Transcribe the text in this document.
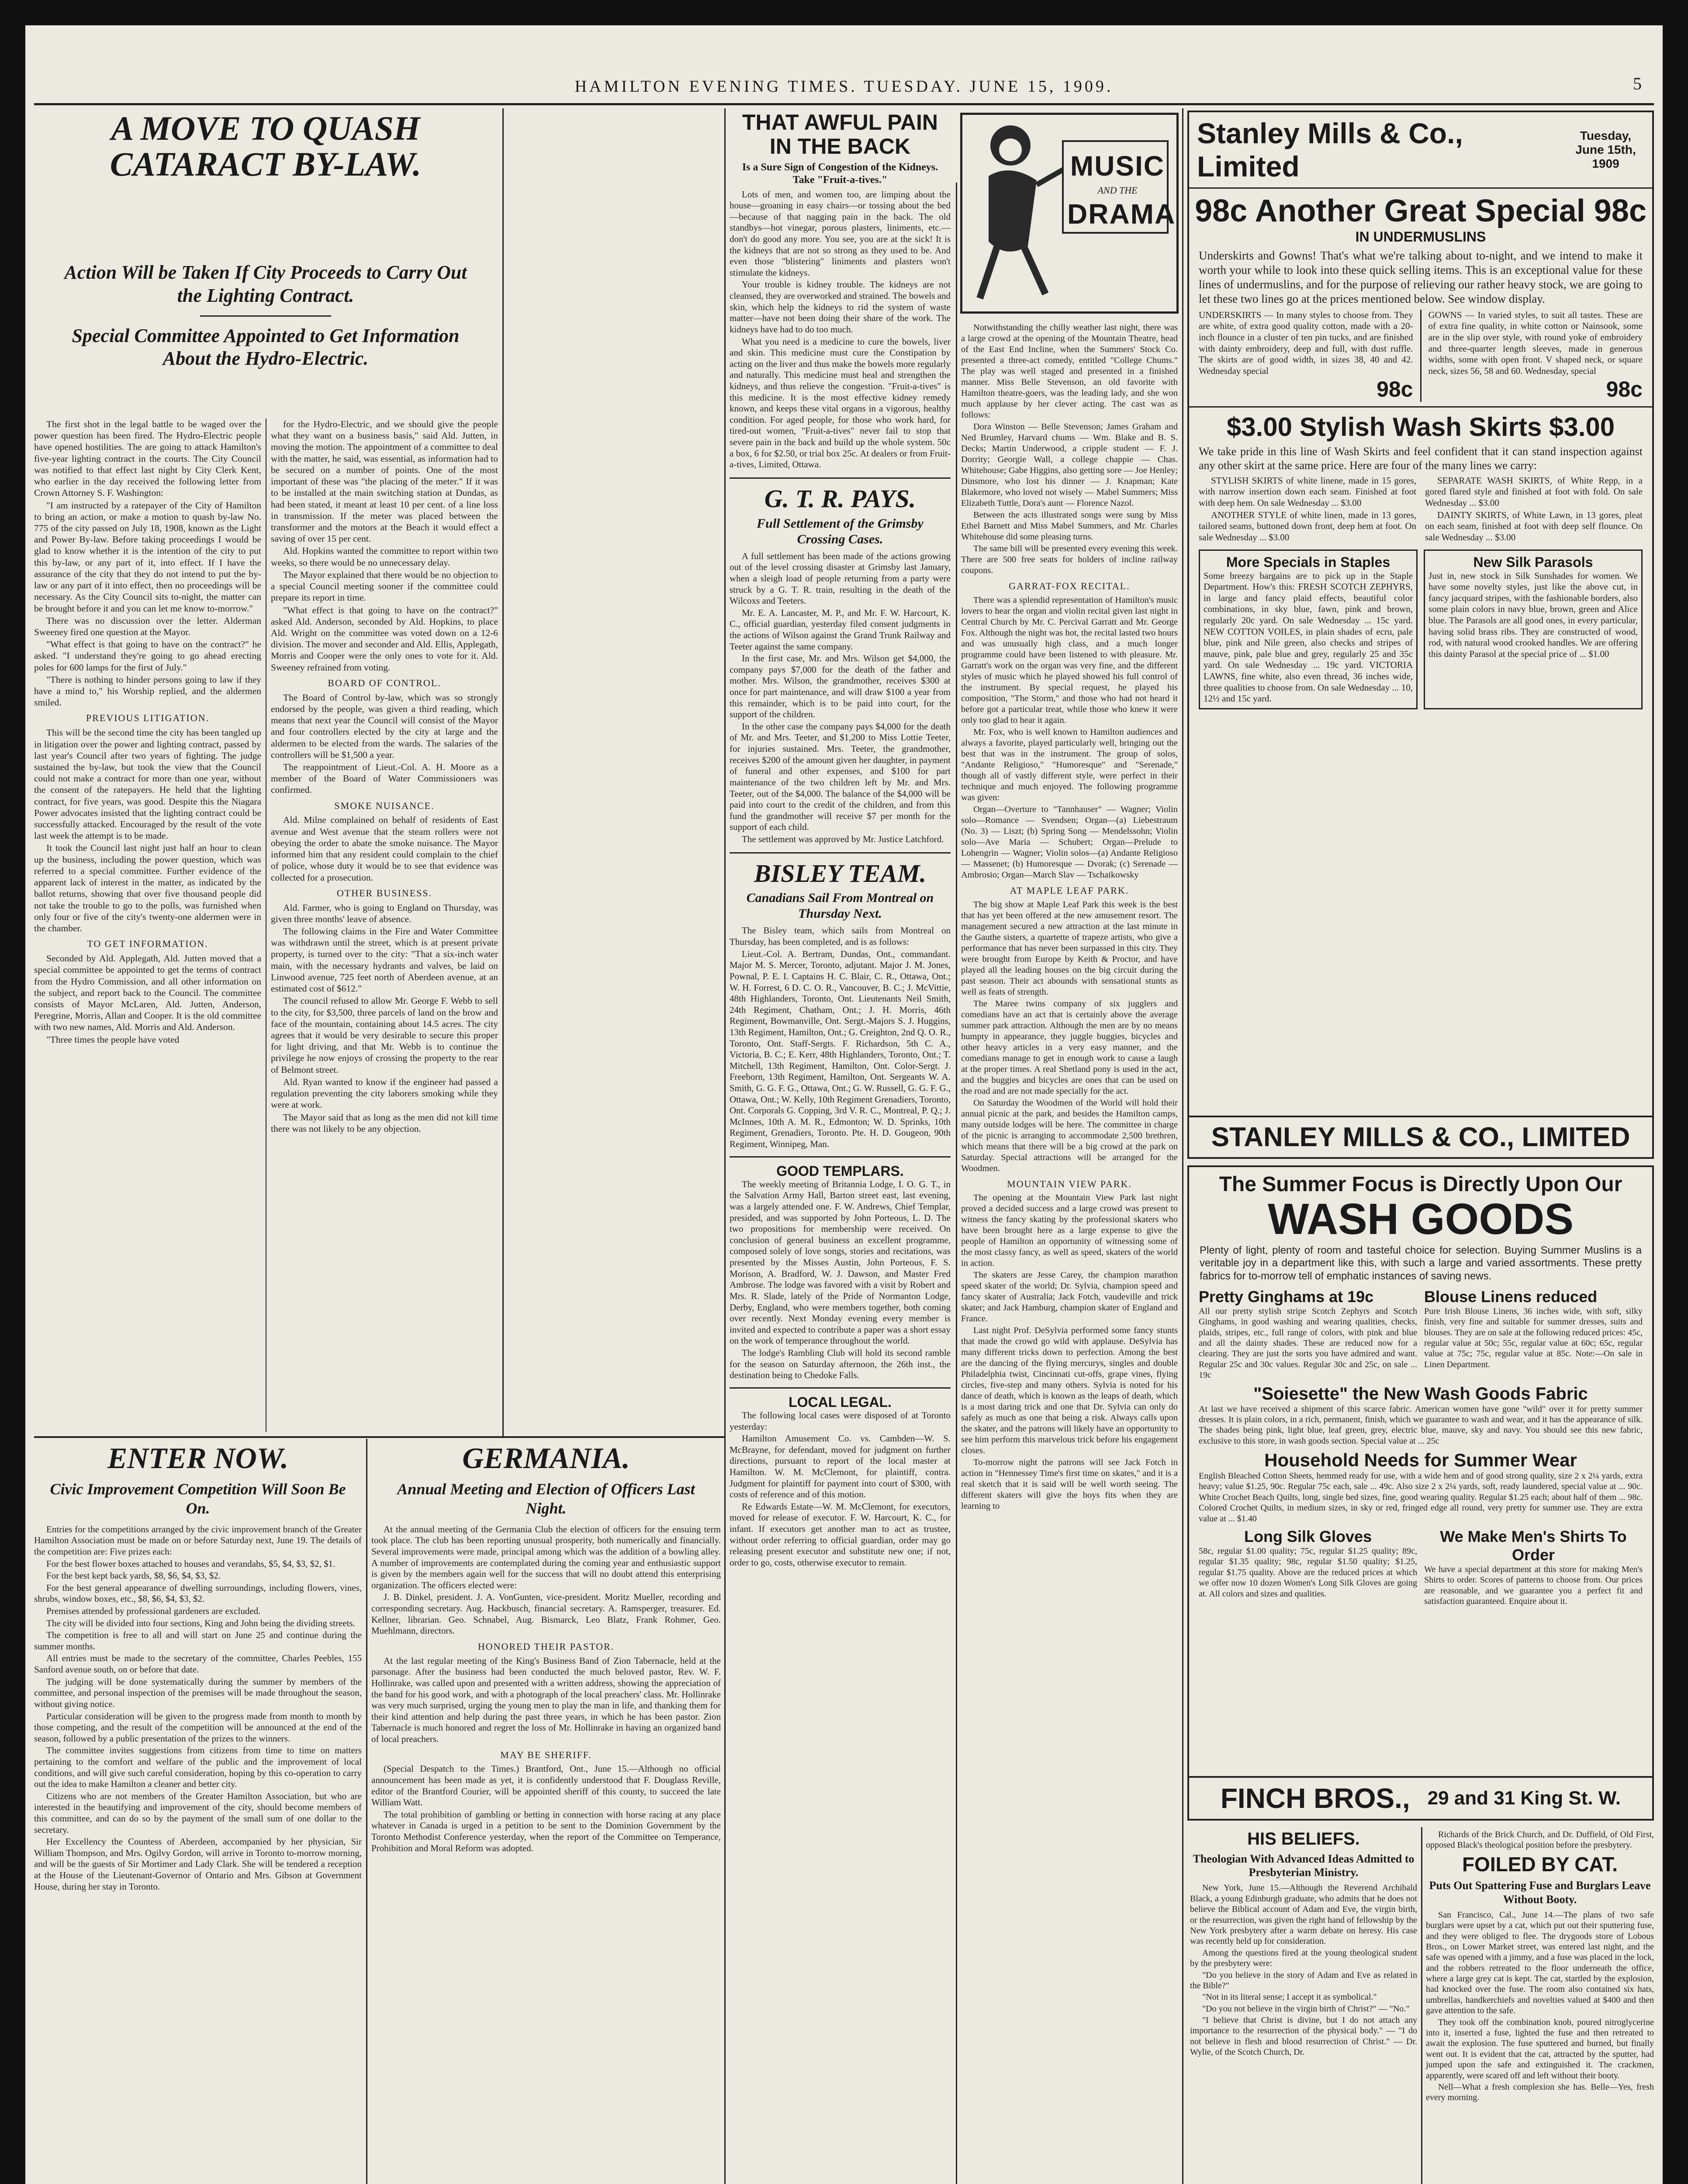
HAMILTON EVENING TIMES. TUESDAY. JUNE 15, 1909.	5
A MOVE TO QUASH CATARACT BY-LAW.
Action Will be Taken If City Proceeds to Carry Out the Lighting Contract.
Special Committee Appointed to Get Information About the Hydro-Electric.

The first shot in the legal battle to be waged over the power question has been fired. The Hydro-Electric people have opened hostilities. The are going to attack Hamilton's five-year lighting contract in the courts. The City Council was notified to that effect last night by City Clerk Kent, who earlier in the day received the following letter from Crown Attorney S. F. Washington:

"I am instructed by a ratepayer of the City of Hamilton to bring an action, or make a motion to quash by-law No. 775 of the city passed on July 18, 1908, known as the Light and Power By-law. Before taking proceedings I would be glad to know whether it is the intention of the city to put this by-law, or any part of it, into effect. If I have the assurance of the city that they do not intend to put the by-law or any part of it into effect, then no proceedings will be necessary. As the City Council sits to-night, the matter can be brought before it and you can let me know to-morrow."

There was no discussion over the letter. Alderman Sweeney fired one question at the Mayor.

"What effect is that going to have on the contract?" he asked. "I understand they're going to go ahead erecting poles for 600 lamps for the first of July."

"There is nothing to hinder persons going to law if they have a mind to," his Worship replied, and the aldermen smiled.

PREVIOUS LITIGATION.

This will be the second time the city has been tangled up in litigation over the power and lighting contract, passed by last year's Council after two years of fighting. The judge sustained the by-law, but took the view that the Council could not make a contract for more than one year, without the consent of the ratepayers. He held that the lighting contract, for five years, was good. Despite this the Niagara Power advocates insisted that the lighting contract could be successfully attacked. Encouraged by the result of the vote last week the attempt is to be made.

It took the Council last night just half an hour to clean up the business, including the power question, which was referred to a special committee. Further evidence of the apparent lack of interest in the matter, as indicated by the ballot returns, showing that over five thousand people did not take the trouble to go to the polls, was furnished when only four or five of the city's twenty-one aldermen were in the chamber.

TO GET INFORMATION.

Seconded by Ald. Applegath, Ald. Jutten moved that a special committee be appointed to get the terms of contract from the Hydro Commission, and all other information on the subject, and report back to the Council. The committee consists of Mayor McLaren, Ald. Jutten, Anderson, Peregrine, Morris, Allan and Cooper. It is the old committee with two new names, Ald. Morris and Ald. Anderson.

"Three times the people have voted

for the Hydro-Electric, and we should give the people what they want on a business basis," said Ald. Jutten, in moving the motion. The appointment of a committee to deal with the matter, he said, was essential, as information had to be secured on a number of points. One of the most important of these was "the placing of the meter." If it was to be installed at the main switching station at Dundas, as had been stated, it meant at least 10 per cent. of a line loss in transmission. If the meter was placed between the transformer and the motors at the Beach it would effect a saving of over 15 per cent.

Ald. Hopkins wanted the committee to report within two weeks, so there would be no unnecessary delay.

The Mayor explained that there would be no objection to a special Council meeting sooner if the committee could prepare its report in time.

"What effect is that going to have on the contract?" asked Ald. Anderson, seconded by Ald. Hopkins, to place Ald. Wright on the committee was voted down on a 12-6 division. The mover and seconder and Ald. Ellis, Applegath, Morris and Cooper were the only ones to vote for it. Ald. Sweeney refrained from voting.

BOARD OF CONTROL.

The Board of Control by-law, which was so strongly endorsed by the people, was given a third reading, which means that next year the Council will consist of the Mayor and four controllers elected by the city at large and the aldermen to be elected from the wards. The salaries of the controllers will be $1,500 a year.

The reappointment of Lieut.-Col. A. H. Moore as a member of the Board of Water Commissioners was confirmed.

SMOKE NUISANCE.

Ald. Milne complained on behalf of residents of East avenue and West avenue that the steam rollers were not obeying the order to abate the smoke nuisance. The Mayor informed him that any resident could complain to the chief of police, whose duty it would be to see that evidence was collected for a prosecution.

OTHER BUSINESS.

Ald. Farmer, who is going to England on Thursday, was given three months' leave of absence.

The following claims in the Fire and Water Committee was withdrawn until the street, which is at present private property, is turned over to the city: "That a six-inch water main, with the necessary hydrants and valves, be laid on Linwood avenue, 725 feet north of Aberdeen avenue, at an estimated cost of $612."

The council refused to allow Mr. George F. Webb to sell to the city, for $3,500, three parcels of land on the brow and face of the mountain, containing about 14.5 acres. The city agrees that it would be very desirable to secure this proper for light driving, and that Mr. Webb is to continue the privilege he now enjoys of crossing the property to the rear of Belmont street.

Ald. Ryan wanted to know if the engineer had passed a regulation preventing the city laborers smoking while they were at work.

The Mayor said that as long as the men did not kill time there was not likely to be any objection.

ENTER NOW.
Civic Improvement Competition Will Soon Be On.

Entries for the competitions arranged by the civic improvement branch of the Greater Hamilton Association must be made on or before Saturday next, June 19. The details of the competition are: Five prizes each:

For the best flower boxes attached to houses and verandahs, $5, $4, $3, $2, $1.

For the best kept back yards, $8, $6, $4, $3, $2.

For the best general appearance of dwelling surroundings, including flowers, vines, shrubs, window boxes, etc., $8, $6, $4, $3, $2.

Premises attended by professional gardeners are excluded.

The city will be divided into four sections, King and John being the dividing streets.

The competition is free to all and will start on June 25 and continue during the summer months.

All entries must be made to the secretary of the committee, Charles Peebles, 155 Sanford avenue south, on or before that date.

The judging will be done systematically during the summer by members of the committee, and personal inspection of the premises will be made throughout the season, without giving notice.

Particular consideration will be given to the progress made from month to month by those competing, and the result of the competition will be announced at the end of the season, followed by a public presentation of the prizes to the winners.

The committee invites suggestions from citizens from time to time on matters pertaining to the comfort and welfare of the public and the improvement of local conditions, and will give such careful consideration, hoping by this co-operation to carry out the idea to make Hamilton a cleaner and better city.

Citizens who are not members of the Greater Hamilton Association, but who are interested in the beautifying and improvement of the city, should become members of this committee, and can do so by the payment of the small sum of one dollar to the secretary.

Her Excellency the Countess of Aberdeen, accompanied by her physician, Sir William Thompson, and Mrs. Ogilvy Gordon, will arrive in Toronto to-morrow morning, and will be the guests of Sir Mortimer and Lady Clark. She will be tendered a reception at the House of the Lieutenant-Governor of Ontario and Mrs. Gibson at Government House, during her stay in Toronto.

GERMANIA.
Annual Meeting and Election of Officers Last Night.

At the annual meeting of the Germania Club the election of officers for the ensuing term took place. The club has been reporting unusual prosperity, both numerically and financially. Several improvements were made, principal among which was the addition of a bowling alley. A number of improvements are contemplated during the coming year and enthusiastic support is given by the members again well for the success that will no doubt attend this enterprising organization. The officers elected were:

J. B. Dinkel, president. J. A. VonGunten, vice-president. Moritz Mueller, recording and corresponding secretary. Aug. Hackbusch, financial secretary. A. Ramsperger, treasurer. Ed. Kellner, librarian. Geo. Schnabel, Aug. Bismarck, Leo Blatz, Frank Rohmer, Geo. Muehlmann, directors.

HONORED THEIR PASTOR.

At the last regular meeting of the King's Business Band of Zion Tabernacle, held at the parsonage. After the business had been conducted the much beloved pastor, Rev. W. F. Hollinrake, was called upon and presented with a written address, showing the appreciation of the band for his good work, and with a photograph of the local preachers' class. Mr. Hollinrake was very much surprised, urging the young men to play the man in life, and thanking them for their kind attention and help during the past three years, in which he has been pastor. Zion Tabernacle is much honored and regret the loss of Mr. Hollinrake in having an organized band of local preachers.

MAY BE SHERIFF.

(Special Despatch to the Times.) Brantford, Ont., June 15.—Although no official announcement has been made as yet, it is confidently understood that F. Douglass Reville, editor of the Brantford Courier, will be appointed sheriff of this county, to succeed the late William Watt.

The total prohibition of gambling or betting in connection with horse racing at any place whatever in Canada is urged in a petition to be sent to the Dominion Government by the Toronto Methodist Conference yesterday, when the report of the Committee on Temperance, Prohibition and Moral Reform was adopted.

THAT AWFUL PAIN IN THE BACK
Is a Sure Sign of Congestion of the Kidneys. Take "Fruit-a-tives."

Lots of men, and women too, are limping about the house—groaning in easy chairs—or tossing about the bed—because of that nagging pain in the back. The old standbys—hot vinegar, porous plasters, liniments, etc.—don't do good any more. You see, you are at the sick! It is the kidneys that are not so strong as they used to be. And even those "blistering" liniments and plasters won't stimulate the kidneys.

Your trouble is kidney trouble. The kidneys are not cleansed, they are overworked and strained. The bowels and skin, which help the kidneys to rid the system of waste matter—have not been doing their share of the work. The kidneys have had to do too much.

What you need is a medicine to cure the bowels, liver and skin. This medicine must cure the Constipation by acting on the liver and thus make the bowels more regularly and naturally. This medicine must heal and strengthen the kidneys, and thus relieve the congestion. "Fruit-a-tives" is this medicine. It is the most effective kidney remedy known, and keeps these vital organs in a vigorous, healthy condition. For aged people, for those who work hard, for tired-out women, "Fruit-a-tives" never fail to stop that severe pain in the back and build up the whole system. 50c a box, 6 for $2.50, or trial box 25c. At dealers or from Fruit-a-tives, Limited, Ottawa.

G. T. R. PAYS.
Full Settlement of the Grimsby Crossing Cases.

A full settlement has been made of the actions growing out of the level crossing disaster at Grimsby last January, when a sleigh load of people returning from a party were struck by a G. T. R. train, resulting in the death of the Wilcoxs and Teeters.

Mr. E. A. Lancaster, M. P., and Mr. F. W. Harcourt, K. C., official guardian, yesterday filed consent judgments in the actions of Wilson against the Grand Trunk Railway and Teeter against the same company.

In the first case, Mr. and Mrs. Wilson get $4,000, the company pays $7,000 for the death of the father and mother. Mrs. Wilson, the grandmother, receives $300 at once for part maintenance, and will draw $100 a year from this remainder, which is to be paid into court, for the support of the children.

In the other case the company pays $4,000 for the death of Mr. and Mrs. Teeter, and $1,200 to Miss Lottie Teeter, for injuries sustained. Mrs. Teeter, the grandmother, receives $200 of the amount given her daughter, in payment of funeral and other expenses, and $100 for part maintenance of the two children left by Mr. and Mrs. Teeter, out of the $4,000. The balance of the $4,000 will be paid into court to the credit of the children, and from this fund the grandmother will receive $7 per month for the support of each child.

The settlement was approved by Mr. Justice Latchford.

BISLEY TEAM.
Canadians Sail From Montreal on Thursday Next.

The Bisley team, which sails from Montreal on Thursday, has been completed, and is as follows:

Lieut.-Col. A. Bertram, Dundas, Ont., commandant. Major M. S. Mercer, Toronto, adjutant. Major J. M. Jones, Pownal, P. E. I. Captains H. C. Blair, C. R., Ottawa, Ont.; W. H. Forrest, 6 D. C. O. R., Vancouver, B. C.; J. McVittie, 48th Highlanders, Toronto, Ont. Lieutenants Neil Smith, 24th Regiment, Chatham, Ont.; J. H. Morris, 46th Regiment, Bowmanville, Ont. Sergt.-Majors S. J. Huggins, 13th Regiment, Hamilton, Ont.; G. Creighton, 2nd Q. O. R., Toronto, Ont. Staff-Sergts. F. Richardson, 5th C. A., Victoria, B. C.; E. Kerr, 48th Highlanders, Toronto, Ont.; T. Mitchell, 13th Regiment, Hamilton, Ont. Color-Sergt. J. Freeborn, 13th Regiment, Hamilton, Ont. Sergeants W. A. Smith, G. G. F. G., Ottawa, Ont.; G. W. Russell, G. G. F. G., Ottawa, Ont.; W. Kelly, 10th Regiment Grenadiers, Toronto, Ont. Corporals G. Copping, 3rd V. R. C., Montreal, P. Q.; J. McInnes, 10th A. M. R., Edmonton; W. D. Sprinks, 10th Regiment, Grenadiers, Toronto. Pte. H. D. Gougeon, 90th Regiment, Winnipeg, Man.

GOOD TEMPLARS.

The weekly meeting of Britannia Lodge, I. O. G. T., in the Salvation Army Hall, Barton street east, last evening, was a largely attended one. F. W. Andrews, Chief Templar, presided, and was supported by John Porteous, L. D. The two propositions for membership were received. On conclusion of general business an excellent programme, composed solely of love songs, stories and recitations, was presented by the Misses Austin, John Porteous, F. S. Morison, A. Bradford, W. J. Dawson, and Master Fred Ambrose. The lodge was favored with a visit by Robert and Mrs. R. Slade, lately of the Pride of Normanton Lodge, Derby, England, who were members together, both coming over recently. Next Monday evening every member is invited and expected to contribute a paper was a short essay on the work of temperance throughout the world.

The lodge's Rambling Club will hold its second ramble for the season on Saturday afternoon, the 26th inst., the destination being to Chedoke Falls.

LOCAL LEGAL.

The following local cases were disposed of at Toronto yesterday:

Hamilton Amusement Co. vs. Cambden—W. S. McBrayne, for defendant, moved for judgment on further directions, pursuant to report of the local master at Hamilton. W. M. McClemont, for plaintiff, contra. Judgment for plaintiff for payment into court of $300, with costs of reference and of this motion.

Re Edwards Estate—W. M. McClemont, for executors, moved for release of executor. F. W. Harcourt, K. C., for infant. If executors get another man to act as trustee, without order referring to official guardian, order may go releasing present executor and substitute new one; if not, order to go, costs, otherwise executor to remain.

MUSIC
AND THE
DRAMA

Notwithstanding the chilly weather last night, there was a large crowd at the opening of the Mountain Theatre, head of the East End Incline, when the Summers' Stock Co. presented a three-act comedy, entitled "College Chums." The play was well staged and presented in a finished manner. Miss Belle Stevenson, an old favorite with Hamilton theatre-goers, was the leading lady, and she won much applause by her clever acting. The cast was as follows:

Dora Winston — Belle Stevenson; James Graham and Ned Brumley, Harvard chums — Wm. Blake and B. S. Decks; Martin Underwood, a cripple student — F. J. Dorrity; Georgie Wall, a college chappie — Chas. Whitehouse; Gabe Higgins, also getting sore — Joe Henley; Dinsmore, who lost his dinner — J. Knapman; Kate Blakemore, who loved not wisely — Mabel Summers; Miss Elizabeth Tuttle, Dora's aunt — Florence Nazol.

Between the acts illustrated songs were sung by Miss Ethel Barnett and Miss Mabel Summers, and Mr. Charles Whitehouse did some pleasing turns.

The same bill will be presented every evening this week. There are 500 free seats for holders of incline railway coupons.

GARRAT-FOX RECITAL.

There was a splendid representation of Hamilton's music lovers to hear the organ and violin recital given last night in Central Church by Mr. C. Percival Garratt and Mr. George Fox. Although the night was hot, the recital lasted two hours and was unusually high class, and a much longer programme could have been listened to with pleasure. Mr. Garratt's work on the organ was very fine, and the different styles of music which he played showed his full control of the instrument. By special request, he played his composition, "The Storm," and those who had not heard it before got a particular treat, while those who knew it were only too glad to hear it again.

Mr. Fox, who is well known to Hamilton audiences and always a favorite, played particularly well, bringing out the best that was in the instrument. The group of solos, "Andante Religioso," "Humoresque" and "Serenade," though all of vastly different style, were perfect in their technique and much enjoyed. The following programme was given:

Organ—Overture to "Tannhauser" — Wagner; Violin solo—Romance — Svendsen; Organ—(a) Liebestraum (No. 3) — Liszt; (b) Spring Song — Mendelssohn; Violin solo—Ave Maria — Schubert; Organ—Prelude to Lohengrin — Wagner; Violin solos—(a) Andante Religioso — Massenet; (b) Humoresque — Dvorak; (c) Serenade — Ambrosio; Organ—March Slav — Tschaikowsky

AT MAPLE LEAF PARK.

The big show at Maple Leaf Park this week is the best that has yet been offered at the new amusement resort. The management secured a new attraction at the last minute in the Gauthe sisters, a quartette of trapeze artists, who give a performance that has never been surpassed in this city. They were brought from Europe by Keith & Proctor, and have played all the leading houses on the big circuit during the past season. Their act abounds with sensational stunts as well as feats of strength.

The Maree twins company of six jugglers and comedians have an act that is certainly above the average summer park attraction. Although the men are by no means humpty in appearance, they juggle buggies, bicycles and other heavy articles in a very easy manner, and the comedians manage to get in enough work to cause a laugh at the proper times. A real Shetland pony is used in the act, and the buggies and bicycles are ones that can be used on the road and are not made specially for the act.

On Saturday the Woodmen of the World will hold their annual picnic at the park, and besides the Hamilton camps, many outside lodges will be here. The committee in charge of the picnic is arranging to accommodate 2,500 brethren, which means that there will be a big crowd at the park on Saturday. Special attractions will be arranged for the Woodmen.

MOUNTAIN VIEW PARK.

The opening at the Mountain View Park last night proved a decided success and a large crowd was present to witness the fancy skating by the professional skaters who have been brought here as a large expense to give the people of Hamilton an opportunity of witnessing some of the most classy fancy, as well as speed, skaters of the world in action.

The skaters are Jesse Carey, the champion marathon speed skater of the world; Dr. Sylvia, champion speed and fancy skater of Australia; Jack Fotch, vaudeville and trick skater; and Jack Hamburg, champion skater of England and France.

Last night Prof. DeSylvia performed some fancy stunts that made the crowd go wild with applause. DeSylvia has many different tricks down to perfection. Among the best are the dancing of the flying mercurys, singles and double Philadelphia twist, Cincinnati cut-offs, grape vines, flying circles, five-step and many others. Sylvia is noted for his dance of death, which is known as the leaps of death, which is a most daring trick and one that Dr. Sylvia can only do safely as much as one that being a risk. Always calls upon the skater, and the patrons will likely have an opportunity to see him perform this marvelous trick before his engagement closes.

To-morrow night the patrons will see Jack Fotch in action in "Hennessey Time's first time on skates," and it is a real sketch that it is said will be well worth seeing. The different skaters will give the boys fits when they are learning to

Stanley Mills & Co., Limited
Tuesday, June 15th, 1909
98c Another Great Special 98c
IN UNDERMUSLINS
Underskirts and Gowns! That's what we're talking about to-night, and we intend to make it worth your while to look into these quick selling items. This is an exceptional value for these lines of undermuslins, and for the purpose of relieving our rather heavy stock, we are going to let these two lines go at the prices mentioned below. See window display.
UNDERSKIRTS — In many styles to choose from. They are white, of extra good quality cotton, made with a 20-inch flounce in a cluster of ten pin tucks, and are finished with dainty embroidery, deep and full, with dust ruffle. The skirts are of good width, in sizes 38, 40 and 42. Wednesday special
98c
GOWNS — In varied styles, to suit all tastes. These are of extra fine quality, in white cotton or Nainsook, some are in the slip over style, with round yoke of embroidery and three-quarter length sleeves, made in generous widths, some with open front. V shaped neck, or square neck, sizes 56, 58 and 60. Wednesday, special
98c
$3.00 Stylish Wash Skirts $3.00
We take pride in this line of Wash Skirts and feel confident that it can stand inspection against any other skirt at the same price. Here are four of the many lines we carry:

STYLISH SKIRTS of white linene, made in 15 gores, with narrow insertion down each seam. Finished at foot with deep hem. On sale Wednesday ... $3.00

ANOTHER STYLE of white linen, made in 13 gores, tailored seams, buttoned down front, deep hem at foot. On sale Wednesday ... $3.00

SEPARATE WASH SKIRTS, of White Repp, in a gored flared style and finished at foot with fold. On sale Wednesday ... $3.00

DAINTY SKIRTS, of White Lawn, in 13 gores, pleat on each seam, finished at foot with deep self flounce. On sale Wednesday ... $3.00

More Specials in Staples
Some breezy bargains are to pick up in the Staple Department. How's this: FRESH SCOTCH ZEPHYRS, in large and fancy plaid effects, beautiful color combinations, in sky blue, fawn, pink and brown, regularly 20c yard. On sale Wednesday ... 15c yard. NEW COTTON VOILES, in plain shades of ecru, pale blue, pink and Nile green, also checks and stripes of mauve, pink, pale blue and grey, regularly 25 and 35c yard. On sale Wednesday ... 19c yard. VICTORIA LAWNS, fine white, also even thread, 36 inches wide, three qualities to choose from. On sale Wednesday ... 10, 12½ and 15c yard.
New Silk Parasols
Just in, new stock in Silk Sunshades for women. We have some novelty styles, just like the above cut, in fancy jacquard stripes, with the fashionable borders, also some plain colors in navy blue, brown, green and Alice blue. The Parasols are all good ones, in every particular, having solid brass ribs. They are constructed of wood, rod, with natural wood crooked handles. We are offering this dainty Parasol at the special price of ... $1.00
STANLEY MILLS & CO., LIMITED
The Summer Focus is Directly Upon Our
WASH GOODS
Plenty of light, plenty of room and tasteful choice for selection. Buying Summer Muslins is a veritable joy in a department like this, with such a large and varied assortments. These pretty fabrics for to-morrow tell of emphatic instances of saving news.
Pretty Ginghams at 19c
All our pretty stylish stripe Scotch Zephyrs and Scotch Ginghams, in good washing and wearing qualities, checks, plaids, stripes, etc., full range of colors, with pink and blue and all the dainty shades. These are reduced now for a clearing. They are just the sorts you have admired and want. Regular 25c and 30c values. Regular 30c and 25c, on sale ... 19c
Blouse Linens reduced
Pure Irish Blouse Linens, 36 inches wide, with soft, silky finish, very fine and suitable for summer dresses, suits and blouses. They are on sale at the following reduced prices: 45c, regular value at 50c; 55c, regular value at 60c; 65c, regular value at 75c; 75c, regular value at 85c. Note:—On sale in Linen Department.
"Soiesette" the New Wash Goods Fabric
At last we have received a shipment of this scarce fabric. American women have gone "wild" over it for pretty summer dresses. It is plain colors, in a rich, permanent, finish, which we guarantee to wash and wear, and it has the appearance of silk. The shades being pink, light blue, leaf green, grey, electric blue, mauve, sky and navy. You should see this new fabric, exclusive to this store, in wash goods section. Special value at ... 25c
Household Needs for Summer Wear
English Bleached Cotton Sheets, hemmed ready for use, with a wide hem and of good strong quality, size 2 x 2¼ yards, extra heavy; value $1.25, 90c. Regular 75c each, sale ... 49c. Also size 2 x 2¼ yards, soft, ready laundered, special value at ... 90c. White Crochet Beach Quilts, long, single bed sizes, fine, good wearing quality. Regular $1.25 each; about half of them ... 98c. Colored Crochet Quilts, in medium sizes, in sky or red, fringed edge all round, very pretty for summer use. They are extra value at ... $1.40
Long Silk Gloves
58c, regular $1.00 quality; 75c, regular $1.25 quality; 89c, regular $1.35 quality; 98c, regular $1.50 quality; $1.25, regular $1.75 quality. Above are the reduced prices at which we offer now 10 dozen Women's Long Silk Gloves are going at. All colors and sizes and qualities.
We Make Men's Shirts To Order
We have a special department at this store for making Men's Shirts to order. Scores of patterns to choose from. Our prices are reasonable, and we guarantee you a perfect fit and satisfaction guaranteed. Enquire about it.
FINCH BROS., 29 and 31 King St. W.
HIS BELIEFS.
Theologian With Advanced Ideas Admitted to Presbyterian Ministry.

New York, June 15.—Although the Reverend Archibald Black, a young Edinburgh graduate, who admits that he does not believe the Biblical account of Adam and Eve, the virgin birth, or the resurrection, was given the right hand of fellowship by the New York presbytery after a warm debate on heresy. His case was recently held up for consideration.

Among the questions fired at the young theological student by the presbytery were:

"Do you believe in the story of Adam and Eve as related in the Bible?"

"Not in its literal sense; I accept it as symbolical."

"Do you not believe in the virgin birth of Christ?" — "No."

"I believe that Christ is divine, but I do not attach any importance to the resurrection of the physical body." — "I do not believe in flesh and blood resurrection of Christ." — Dr. Wylie, of the Scotch Church, Dr.

Richards of the Brick Church, and Dr. Duffield, of Old First, opposed Black's theological position before the presbytery.

FOILED BY CAT.
Puts Out Spattering Fuse and Burglars Leave Without Booty.

San Francisco, Cal., June 14.—The plans of two safe burglars were upset by a cat, which put out their sputtering fuse, and they were obliged to flee. The drygoods store of Lobous Bros., on Lower Market street, was entered last night, and the safe was opened with a jimmy, and a fuse was placed in the lock, and the robbers retreated to the floor underneath the office, where a large grey cat is kept. The cat, startled by the explosion, had knocked over the fuse. The room also contained six hats, umbrellas, handkerchiefs and novelties valued at $400 and then gave attention to the safe.

They took off the combination knob, poured nitroglycerine into it, inserted a fuse, lighted the fuse and then retreated to await the explosion. The fuse sputtered and burned, but finally went out. It is evident that the cat, attracted by the sputter, had jumped upon the safe and extinguished it. The crackmen, apparently, were scared off and left without their booty.

Nell—What a fresh complexion she has. Belle—Yes, fresh every morning.
